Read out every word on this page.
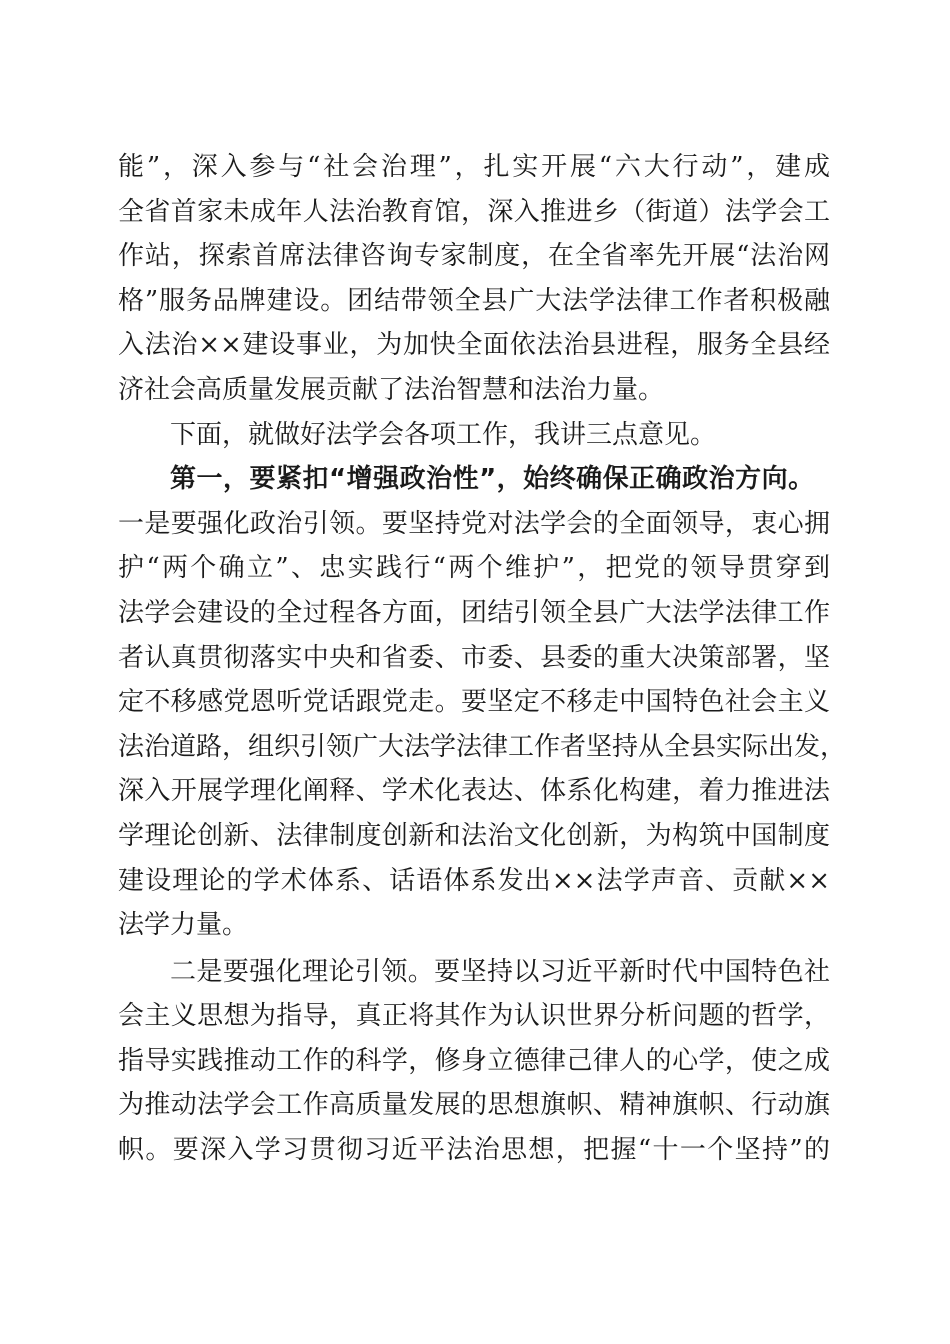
能”，深入参与“社会治理”，扎实开展“六大行动”，建成
全省首家未成年人法治教育馆，深入推进乡（街道）法学会工
作站，探索首席法律咨询专家制度，在全省率先开展“法治网
格”服务品牌建设。团结带领全县广大法学法律工作者积极融
入法治××建设事业，为加快全面依法治县进程，服务全县经
济社会高质量发展贡献了法治智慧和法治力量。
下面，就做好法学会各项工作，我讲三点意见。
第一，要紧扣“增强政治性”，始终确保正确政治方向。
一是要强化政治引领。要坚持党对法学会的全面领导，衷心拥
护“两个确立”、忠实践行“两个维护”，把党的领导贯穿到
法学会建设的全过程各方面，团结引领全县广大法学法律工作
者认真贯彻落实中央和省委、市委、县委的重大决策部署，坚
定不移感党恩听党话跟党走。要坚定不移走中国特色社会主义
法治道路，组织引领广大法学法律工作者坚持从全县实际出发，
深入开展学理化阐释、学术化表达、体系化构建，着力推进法
学理论创新、法律制度创新和法治文化创新，为构筑中国制度
建设理论的学术体系、话语体系发出××法学声音、贡献××
法学力量。
二是要强化理论引领。要坚持以习近平新时代中国特色社
会主义思想为指导，真正将其作为认识世界分析问题的哲学，
指导实践推动工作的科学，修身立德律己律人的心学，使之成
为推动法学会工作高质量发展的思想旗帜、精神旗帜、行动旗
帜。要深入学习贯彻习近平法治思想，把握“十一个坚持”的
